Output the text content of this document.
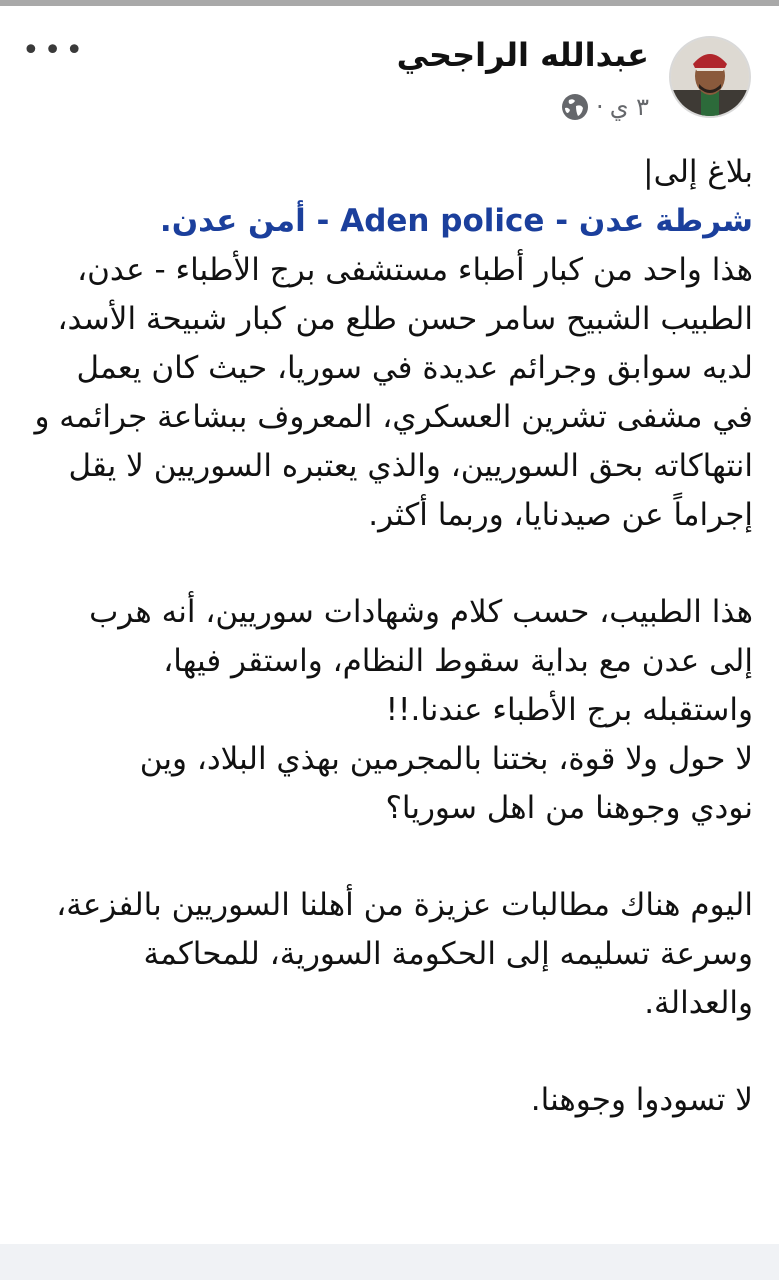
عبدالله الراجحي
٣ ي
·
•••
بلاغ إلى|
شرطة عدن - Aden police - أمن عدن.
هذا واحد من كبار أطباء مستشفى برج الأطباء - عدن،
الطبيب الشبيح سامر حسن طلع من كبار شبيحة الأسد،
لديه سوابق وجرائم عديدة في سوريا، حيث كان يعمل
في مشفى تشرين العسكري، المعروف ببشاعة جرائمه و
انتهاكاته بحق السوريين، والذي يعتبره السوريين لا يقل
إجراماً عن صيدنايا، وربما أكثر.
هذا الطبيب، حسب كلام وشهادات سوريين، أنه هرب
إلى عدن مع بداية سقوط النظام، واستقر فيها،
واستقبله برج الأطباء عندنا.!!
لا حول ولا قوة، بختنا بالمجرمين بهذي البلاد، وين
نودي وجوهنا من اهل سوريا؟
اليوم هناك مطالبات عزيزة من أهلنا السوريين بالفزعة،
وسرعة تسليمه إلى الحكومة السورية، للمحاكمة
والعدالة.
لا تسودوا وجوهنا.
